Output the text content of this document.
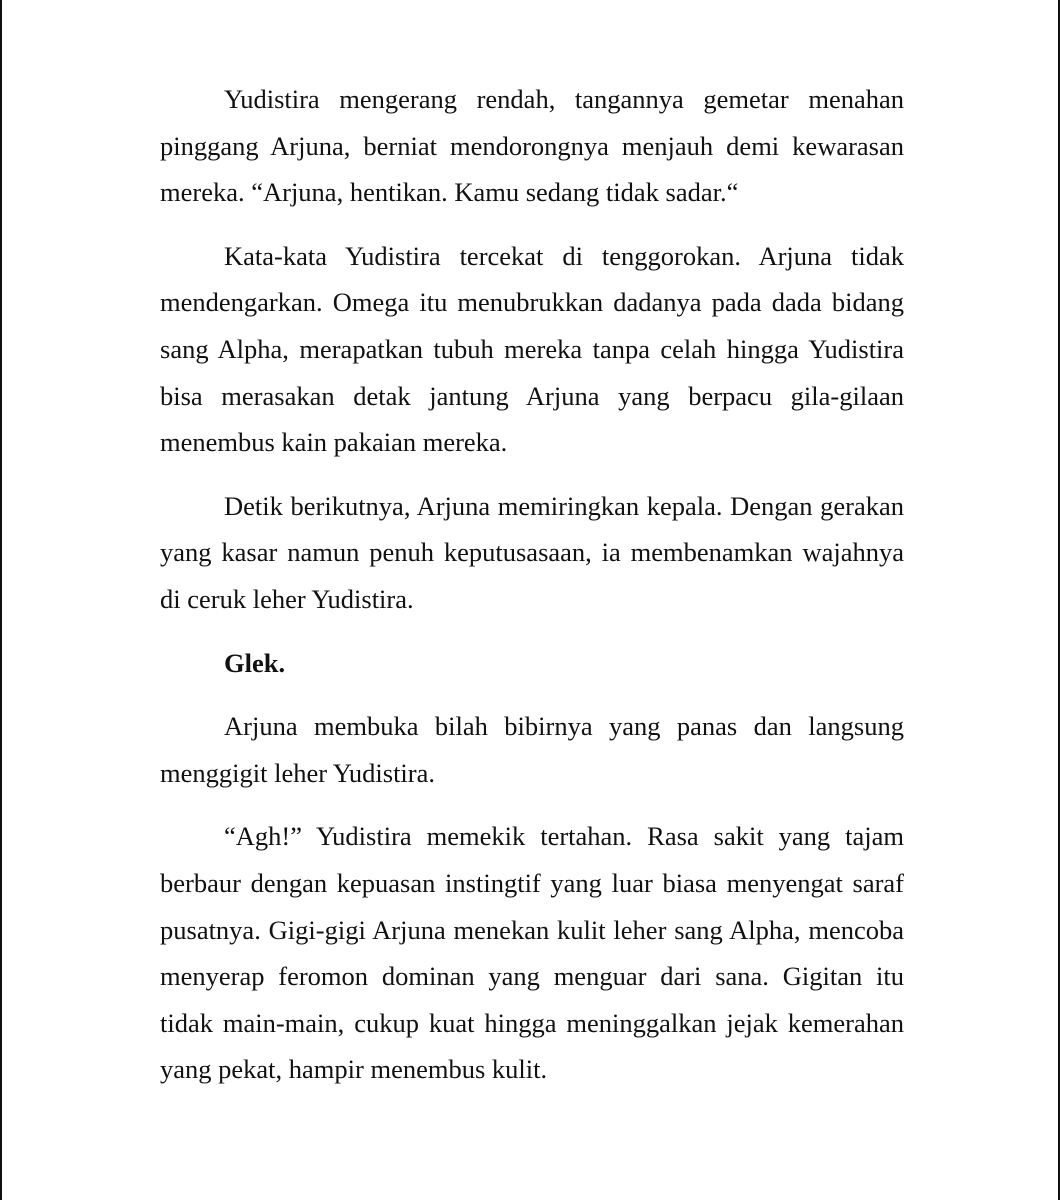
Yudistira mengerang rendah, tangannya gemetar menahan pinggang Arjuna, berniat mendorongnya menjauh demi kewarasan mereka. “Arjuna, hentikan. Kamu sedang tidak sadar.“

Kata-kata Yudistira tercekat di tenggorokan. Arjuna tidak mendengarkan. Omega itu menubrukkan dadanya pada dada bidang sang Alpha, merapatkan tubuh mereka tanpa celah hingga Yudistira bisa merasakan detak jantung Arjuna yang berpacu gila-gilaan menembus kain pakaian mereka.

Detik berikutnya, Arjuna memiringkan kepala. Dengan gerakan yang kasar namun penuh keputusasaan, ia membenamkan wajahnya di ceruk leher Yudistira.

Glek.

Arjuna membuka bilah bibirnya yang panas dan langsung menggigit leher Yudistira.

“Agh!” Yudistira memekik tertahan. Rasa sakit yang tajam berbaur dengan kepuasan instingtif yang luar biasa menyengat saraf pusatnya. Gigi-gigi Arjuna menekan kulit leher sang Alpha, mencoba menyerap feromon dominan yang menguar dari sana. Gigitan itu tidak main-main, cukup kuat hingga meninggalkan jejak kemerahan yang pekat, hampir menembus kulit.
